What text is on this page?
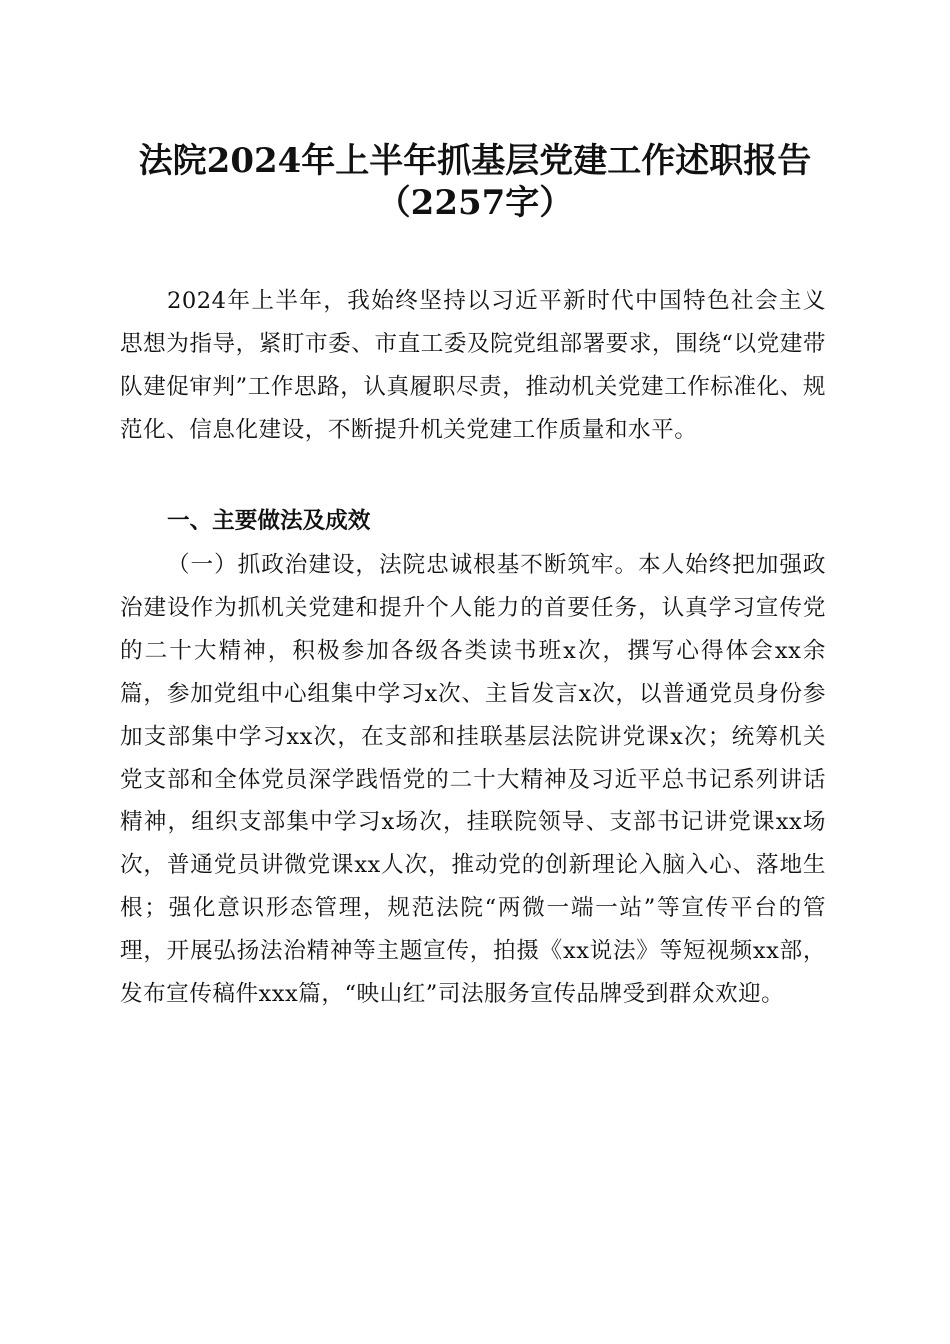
法院2024年上半年抓基层党建工作述职报告
（2257字）
2024年上半年，我始终坚持以习近平新时代中国特色社会主义思想为指导，紧盯市委、市直工委及院党组部署要求，围绕“以党建带队建促审判”工作思路，认真履职尽责，推动机关党建工作标准化、规范化、信息化建设，不断提升机关党建工作质量和水平。
一、主要做法及成效
（一）抓政治建设，法院忠诚根基不断筑牢。本人始终把加强政治建设作为抓机关党建和提升个人能力的首要任务，认真学习宣传党的二十大精神，积极参加各级各类读书班x次，撰写心得体会xx余篇，参加党组中心组集中学习x次、主旨发言x次，以普通党员身份参加支部集中学习xx次，在支部和挂联基层法院讲党课x次；统筹机关党支部和全体党员深学践悟党的二十大精神及习近平总书记系列讲话精神，组织支部集中学习x场次，挂联院领导、支部书记讲党课xx场次，普通党员讲微党课xx人次，推动党的创新理论入脑入心、落地生根；强化意识形态管理，规范法院“两微一端一站”等宣传平台的管理，开展弘扬法治精神等主题宣传，拍摄《xx说法》等短视频xx部，发布宣传稿件xxx篇，“映山红”司法服务宣传品牌受到群众欢迎。
